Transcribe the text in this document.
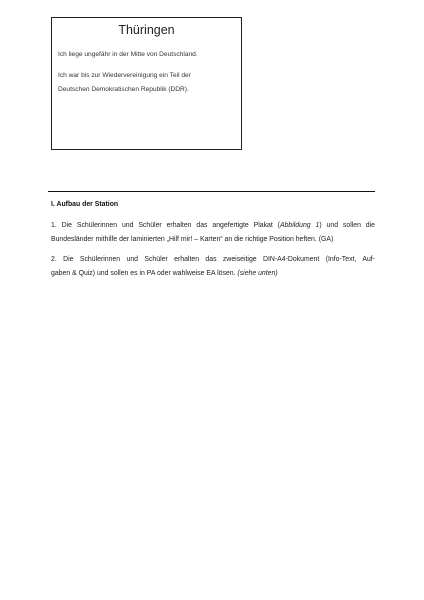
Thüringen
Ich liege ungefähr in der Mitte von Deutschland.
Ich war bis zur Wiedervereinigung ein Teil der
Deutschen Demokratischen Republik (DDR).
I. Aufbau der Station
1. Die Schülerinnen und Schüler erhalten das angefertigte Plakat (Abbildung 1) und sollen die
Bundesländer mithilfe der laminierten „Hilf mir! – Karten“ an die richtige Position heften. (GA)
2. Die Schülerinnen und Schüler erhalten das zweiseitige DIN-A4-Dokument (Info-Text, Auf-
gaben & Quiz) und sollen es in PA oder wahlweise EA lösen. (siehe unten)
